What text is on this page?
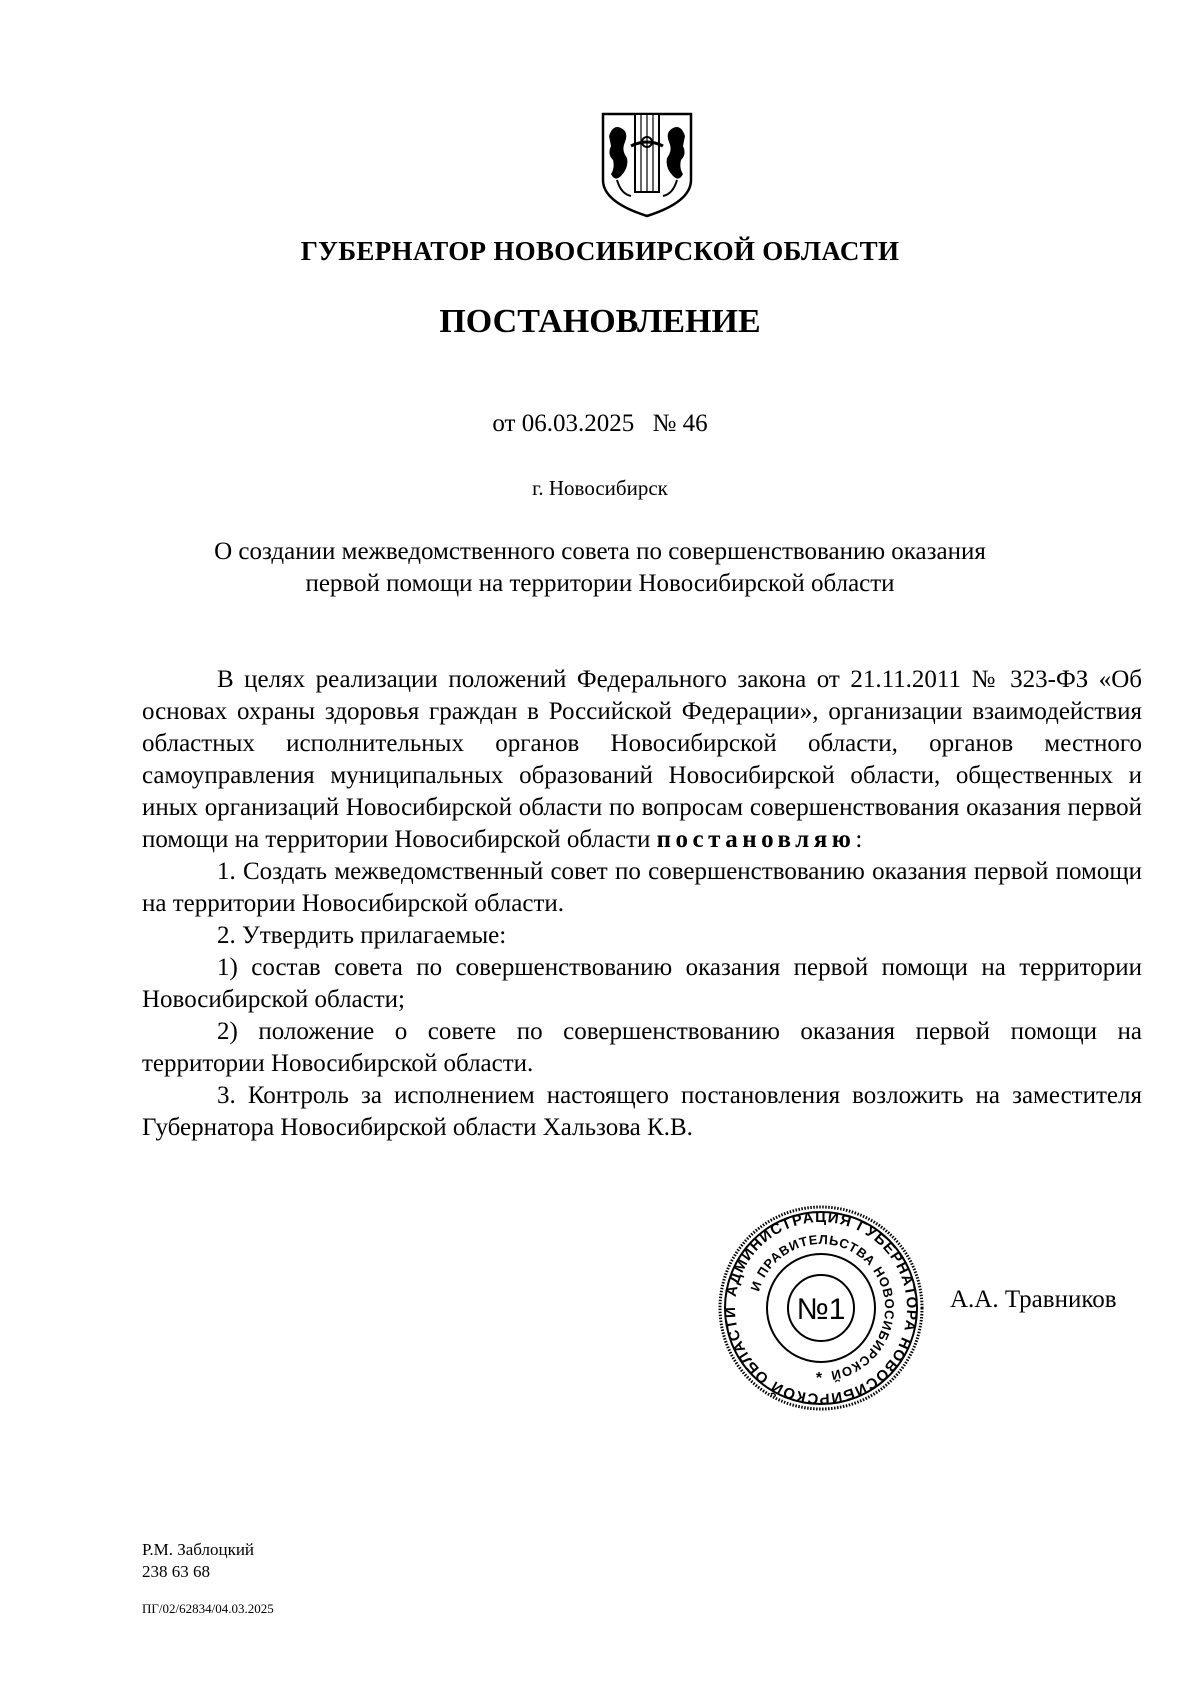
ГУБЕРНАТОР НОВОСИБИРСКОЙ ОБЛАСТИ
ПОСТАНОВЛЕНИЕ
от 06.03.2025 № 46
г. Новосибирск
О создании межведомственного совета по совершенствованию оказания
первой помощи на территории Новосибирской области

В целях реализации положений Федерального закона от 21.11.2011 № 323-ФЗ «Об основах охраны здоровья граждан в Российской Федерации», организации взаимодействия областных исполнительных органов Новосибирской области, органов местного самоуправления муниципальных образований Новосибирской области, общественных и иных организаций Новосибирской области по вопросам совершенствования оказания первой помощи на территории Новосибирской области постановляю:

1. Создать межведомственный совет по совершенствованию оказания первой помощи на территории Новосибирской области.

2. Утвердить прилагаемые:

1) состав совета по совершенствованию оказания первой помощи на территории Новосибирской области;

2) положение о совете по совершенствованию оказания первой помощи на территории Новосибирской области.

3. Контроль за исполнением настоящего постановления возложить на заместителя Губернатора Новосибирской области Хальзова К.В.

АДМИНИСТРАЦИЯ ГУБЕРНАТОРА НОВОСИБИРСКОЙ ОБЛАСТИ
И ПРАВИТЕЛЬСТВА НОВОСИБИРСКОЙ
№1
*
А.А. Травников
Р.М. Заблоцкий
238 63 68
ПГ/02/62834/04.03.2025
